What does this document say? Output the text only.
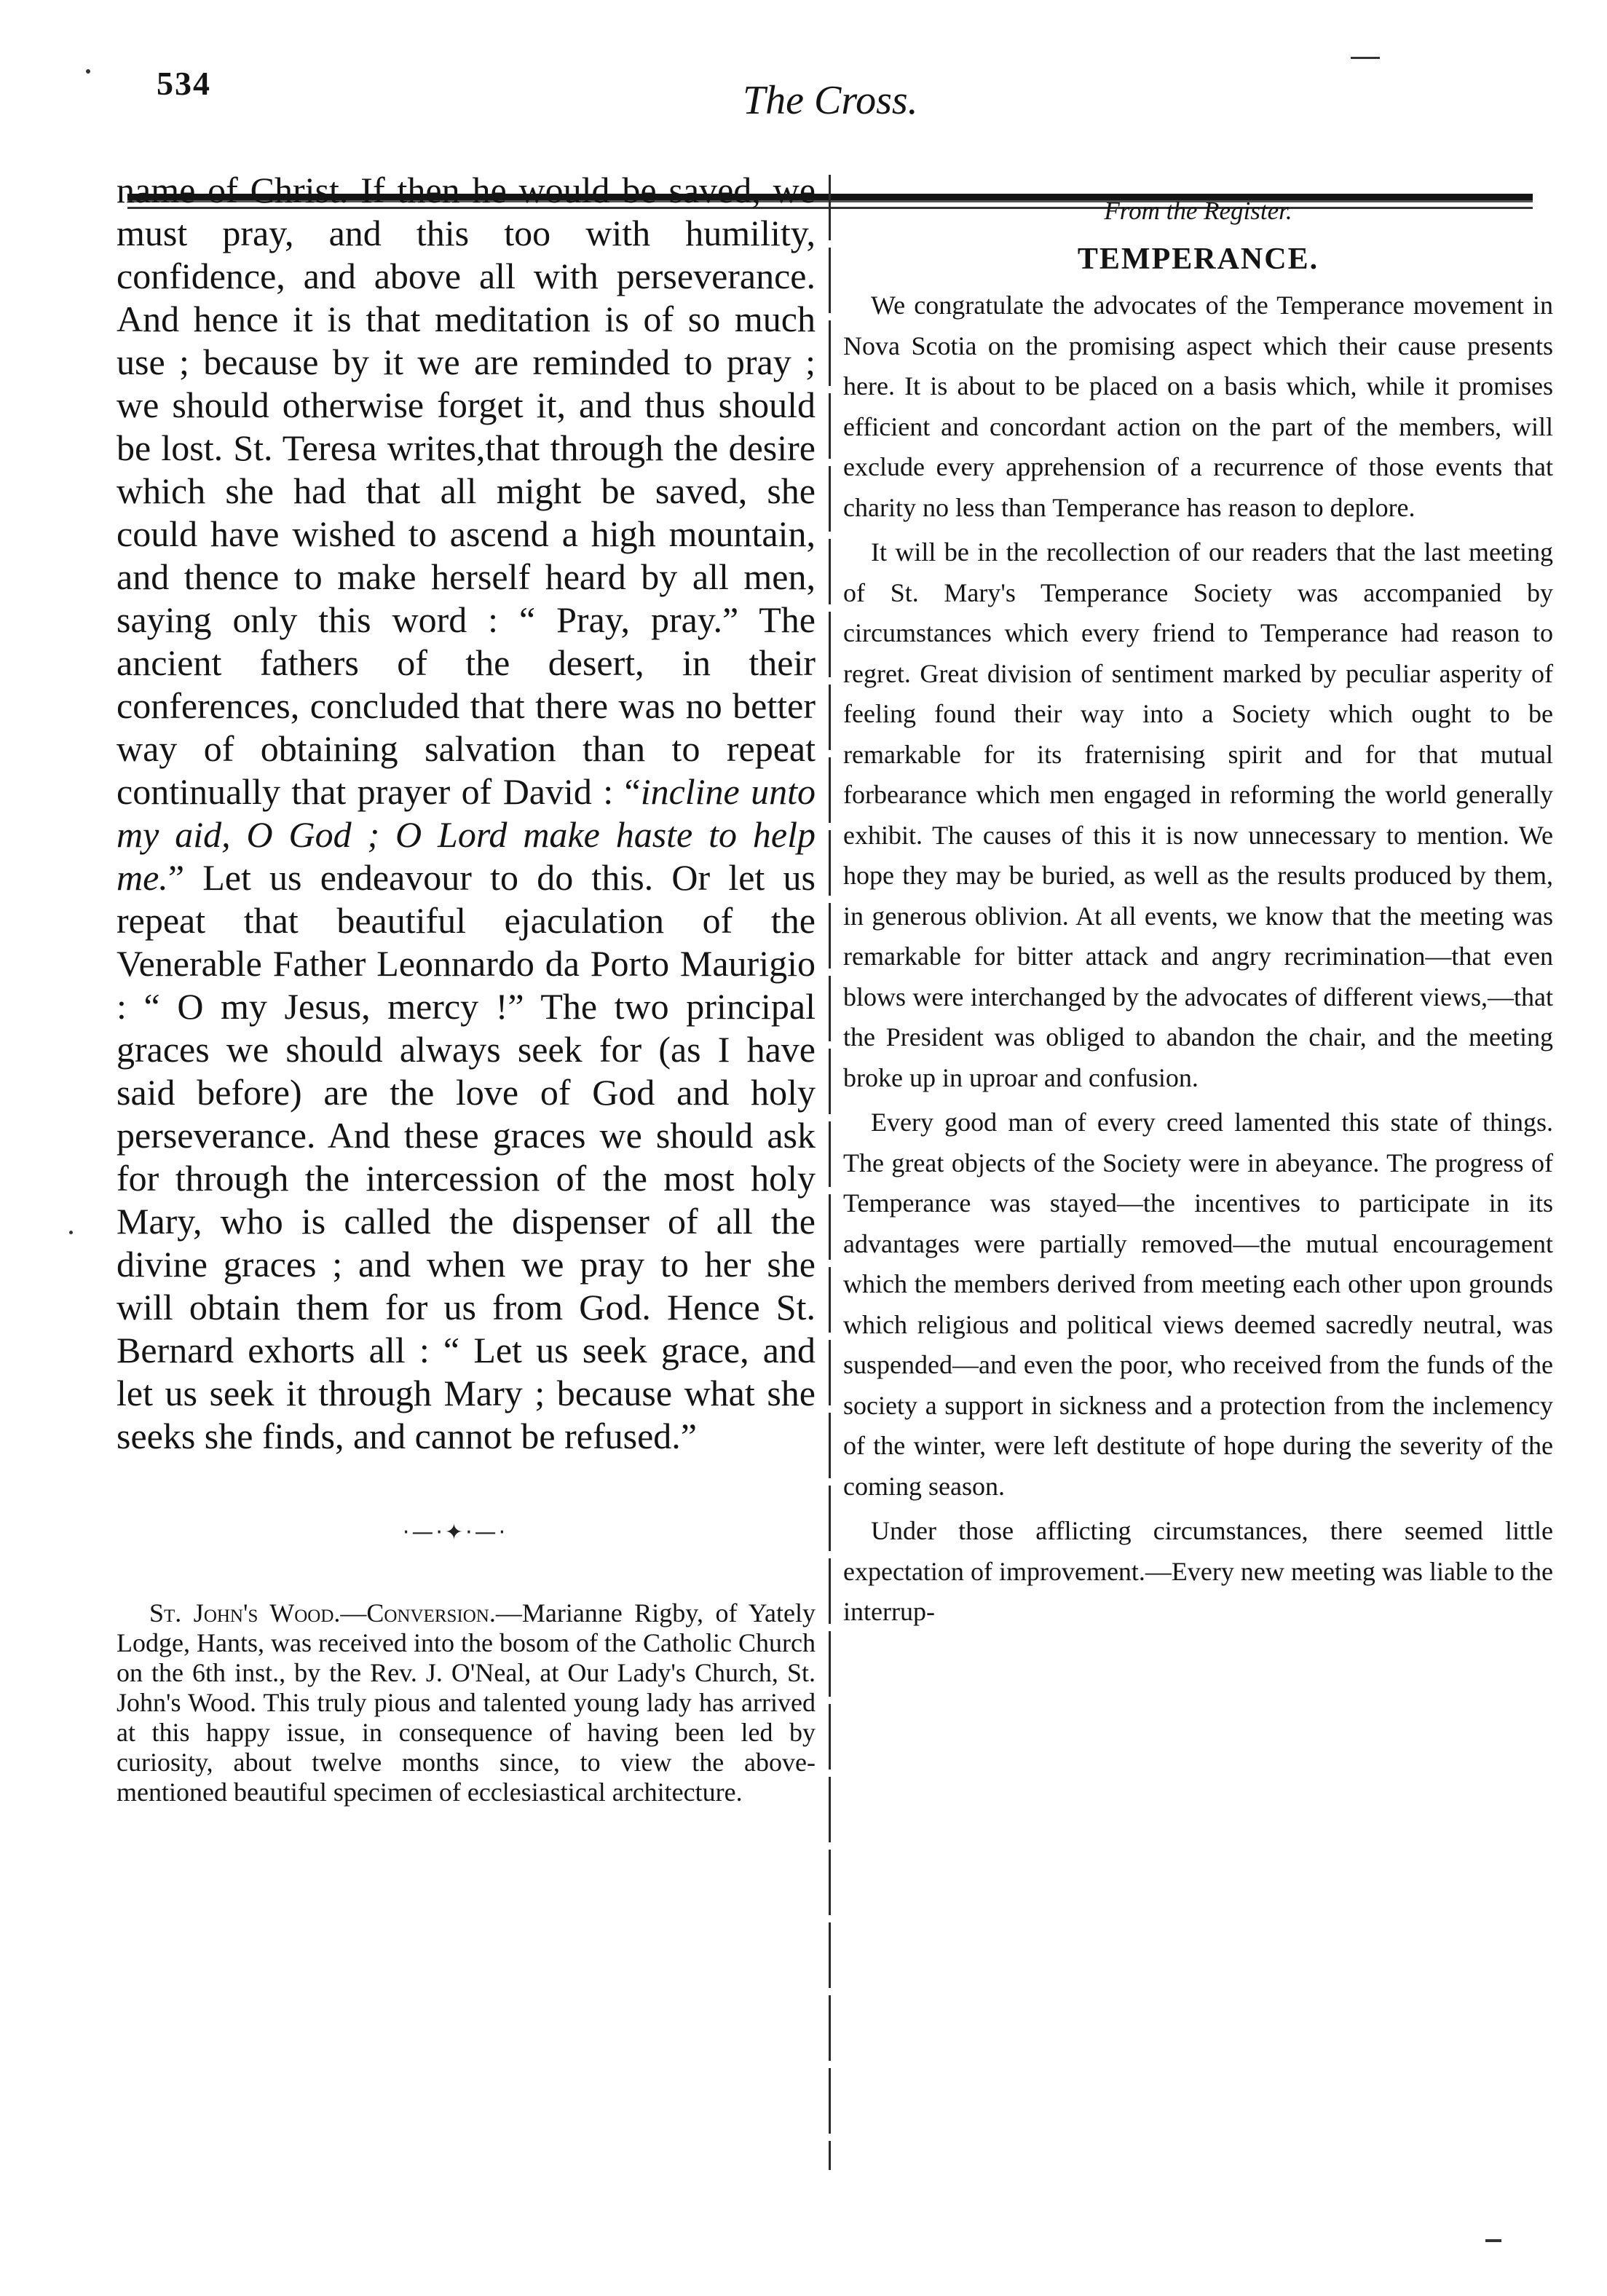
534	The Cross.

name of Christ. If then he would be saved, we must pray, and this too with humility, confidence, and above all with perseverance. And hence it is that meditation is of so much use ; because by it we are reminded to pray ; we should otherwise forget it, and thus should be lost. St. Teresa writes,that through the desire which she had that all might be saved, she could have wished to ascend a high mountain, and thence to make herself heard by all men, saying only this word : “ Pray, pray.” The ancient fathers of the desert, in their conferences, concluded that there was no better way of obtaining salvation than to repeat continually that prayer of David : “incline unto my aid, O God ; O Lord make haste to help me.” Let us endeavour to do this. Or let us repeat that beautiful ejaculation of the Venerable Father Leonnardo da Porto Maurigio : “ O my Jesus, mercy !” The two principal graces we should always seek for (as I have said before) are the love of God and holy perseverance. And these graces we should ask for through the intercession of the most holy Mary, who is called the dispenser of all the divine graces ; and when we pray to her she will obtain them for us from God. Hence St. Bernard exhorts all : “ Let us seek grace, and let us seek it through Mary ; because what she seeks she finds, and cannot be refused.”

·—·✦·—·

St. John's Wood.—Conversion.—Marianne Rigby, of Yately Lodge, Hants, was received into the bosom of the Catholic Church on the 6th inst., by the Rev. J. O'Neal, at Our Lady's Church, St. John's Wood. This truly pious and talented young lady has arrived at this happy issue, in consequence of having been led by curiosity, about twelve months since, to view the above-mentioned beautiful specimen of ecclesiastical architecture.

From the Register.

TEMPERANCE.

We congratulate the advocates of the Temperance movement in Nova Scotia on the promising aspect which their cause presents here. It is about to be placed on a basis which, while it promises efficient and concordant action on the part of the members, will exclude every apprehension of a recurrence of those events that charity no less than Temperance has reason to deplore.

It will be in the recollection of our readers that the last meeting of St. Mary's Temperance Society was accompanied by circumstances which every friend to Temperance had reason to regret. Great division of sentiment marked by peculiar asperity of feeling found their way into a Society which ought to be remarkable for its fraternising spirit and for that mutual forbearance which men engaged in reforming the world generally exhibit. The causes of this it is now unnecessary to mention. We hope they may be buried, as well as the results produced by them, in generous oblivion. At all events, we know that the meeting was remarkable for bitter attack and angry recrimination—that even blows were interchanged by the advocates of different views,—that the President was obliged to abandon the chair, and the meeting broke up in uproar and confusion.

Every good man of every creed lamented this state of things. The great objects of the Society were in abeyance. The progress of Temperance was stayed—the incentives to participate in its advantages were partially removed—the mutual encouragement which the members derived from meeting each other upon grounds which religious and political views deemed sacredly neutral, was suspended—and even the poor, who received from the funds of the society a support in sickness and a protection from the inclemency of the winter, were left destitute of hope during the severity of the coming season.

Under those afflicting circumstances, there seemed little expectation of improvement.—Every new meeting was liable to the interrup-
